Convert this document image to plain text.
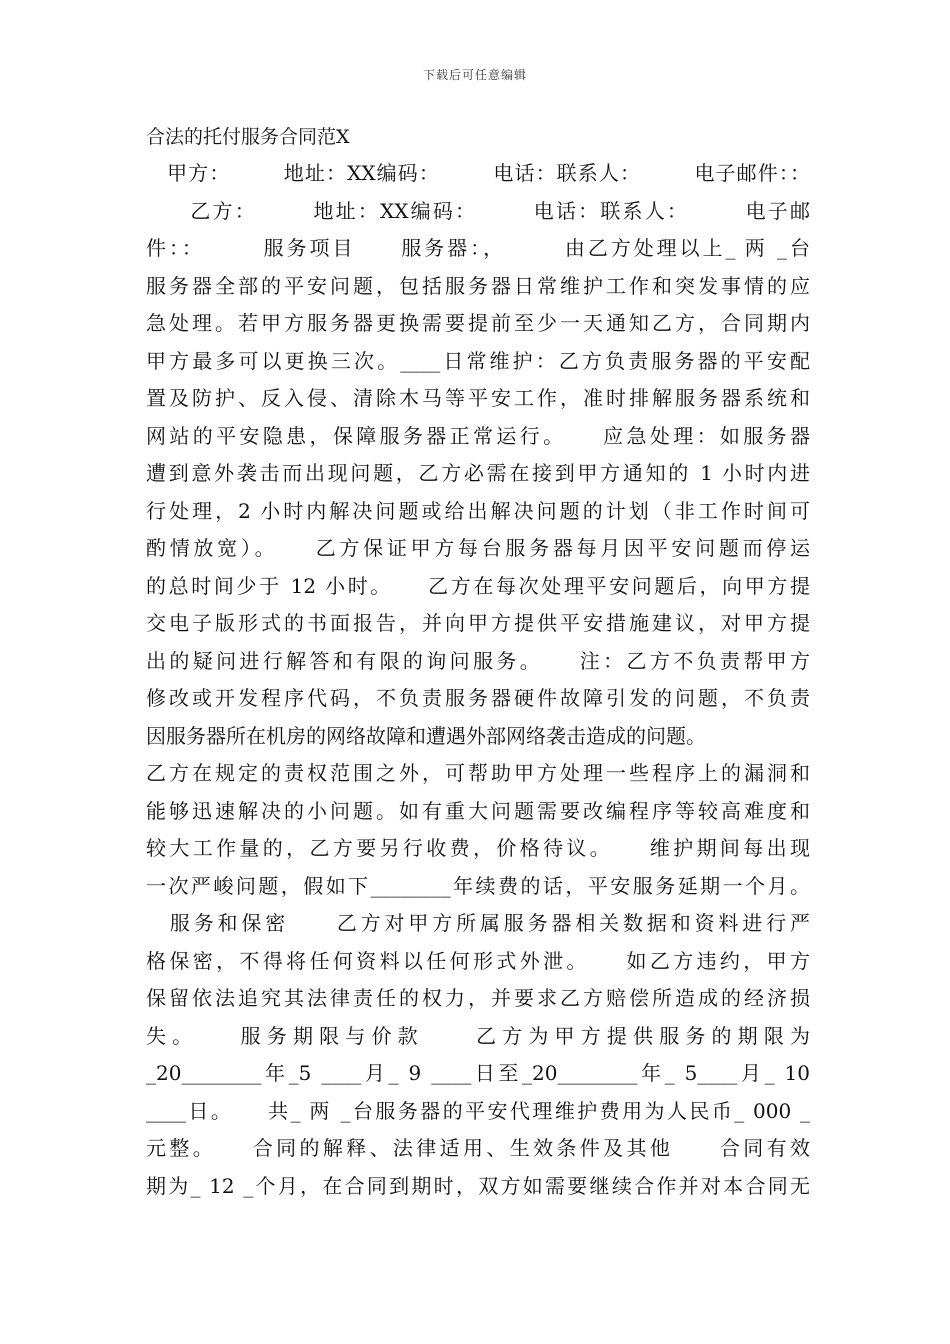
下载后可任意编辑
合法的托付服务合同范X
　甲方：　　　地址：XX编码：　　　电话：联系人：　　　电子邮件：：
　　乙方：　　　地址：XX编码：　　　电话：联系人：　　　电子邮
件：：　　　服务项目　　服务器：，　　　由乙方处理以上_ 两 _台
服务器全部的平安问题，包括服务器日常维护工作和突发事情的应
急处理。若甲方服务器更换需要提前至少一天通知乙方，合同期内
甲方最多可以更换三次。____日常维护：乙方负责服务器的平安配
置及防护、反入侵、清除木马等平安工作，准时排解服务器系统和
网站的平安隐患，保障服务器正常运行。　　应急处理：如服务器
遭到意外袭击而出现问题，乙方必需在接到甲方通知的 1 小时内进
行处理，2 小时内解决问题或给出解决问题的计划（非工作时间可
酌情放宽）。　　乙方保证甲方每台服务器每月因平安问题而停运
的总时间少于 12 小时。　　乙方在每次处理平安问题后，向甲方提
交电子版形式的书面报告，并向甲方提供平安措施建议，对甲方提
出的疑问进行解答和有限的询问服务。　　注：乙方不负责帮甲方
修改或开发程序代码，不负责服务器硬件故障引发的问题，不负责
因服务器所在机房的网络故障和遭遇外部网络袭击造成的问题。
乙方在规定的责权范围之外，可帮助甲方处理一些程序上的漏洞和
能够迅速解决的小问题。如有重大问题需要改编程序等较高难度和
较大工作量的，乙方要另行收费，价格待议。　　维护期间每出现
一次严峻问题，假如下________年续费的话，平安服务延期一个月。
　服务和保密　　乙方对甲方所属服务器相关数据和资料进行严
格保密，不得将任何资料以任何形式外泄。　　如乙方违约，甲方
保留依法追究其法律责任的权力，并要求乙方赔偿所造成的经济损
失。　　服务期限与价款　　乙方为甲方提供服务的期限为
_20________年_5 ____月_ 9 ____日至_20________年_ 5____月_ 10
____日。　　共_ 两 _台服务器的平安代理维护费用为人民币_ 000 _
元整。　　合同的解释、法律适用、生效条件及其他　　合同有效
期为_ 12 _个月，在合同到期时，双方如需要继续合作并对本合同无
